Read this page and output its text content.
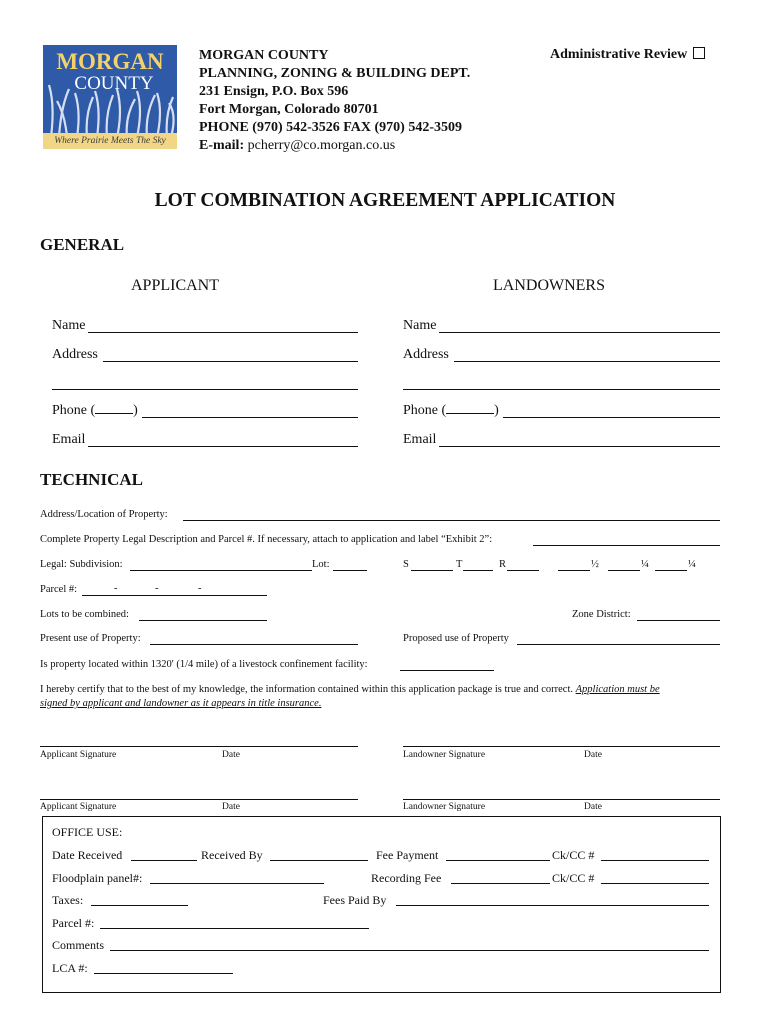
MORGAN
COUNTY
Where Prairie Meets The Sky
MORGAN COUNTY
PLANNING, ZONING & BUILDING DEPT.
231 Ensign, P.O. Box 596
Fort Morgan, Colorado 80701
PHONE (970) 542-3526 FAX (970) 542-3509
E-mail: pcherry@co.morgan.co.us
Administrative Review
LOT COMBINATION AGREEMENT APPLICATION
GENERAL
APPLICANT	LANDOWNERS
Name
Address
Phone (	)
Email
Name
Address
Phone (	)
Email
TECHNICAL
Address/Location of Property:
Complete Property Legal Description and Parcel #. If necessary, attach to application and label “Exhibit 2”:
Legal: Subdivision:	Lot:	S	T	R	½	¼	¼
Parcel #:	-	-	-
Lots to be combined:	Zone District:
Present use of Property:	Proposed use of Property
Is property located within 1320' (1/4 mile) of a livestock confinement facility:
I hereby certify that to the best of my knowledge, the information contained within this application package is true and correct. Application must be
signed by applicant and landowner as it appears in title insurance.
Applicant Signature	Date	Landowner Signature	Date
Applicant Signature	Date	Landowner Signature	Date
OFFICE USE:
Date Received	Received By	Fee Payment	Ck/CC #
Floodplain panel#:	Recording Fee	Ck/CC #
Taxes:	Fees Paid By
Parcel #:
Comments
LCA #:
